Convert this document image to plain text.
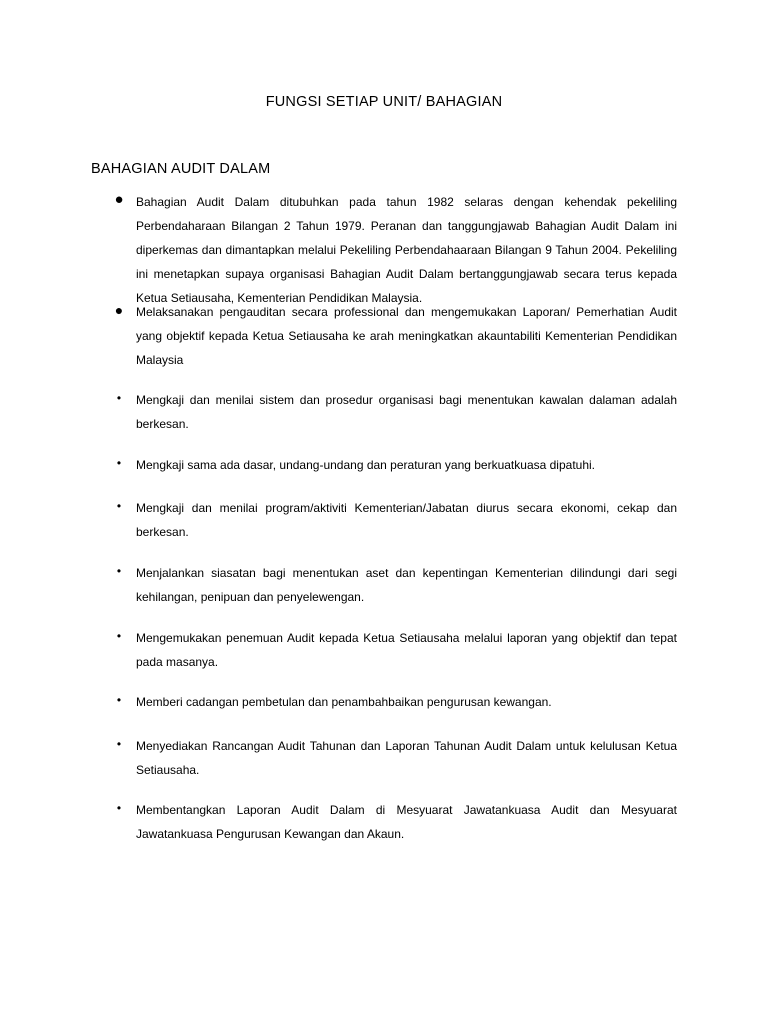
FUNGSI SETIAP UNIT/ BAHAGIAN
BAHAGIAN AUDIT DALAM
● Bahagian Audit Dalam ditubuhkan pada tahun 1982 selaras dengan kehendak pekeliling Perbendaharaan Bilangan 2 Tahun 1979. Peranan dan tanggungjawab Bahagian Audit Dalam ini diperkemas dan dimantapkan melalui Pekeliling Perbendahaaraan Bilangan 9 Tahun 2004. Pekeliling ini menetapkan supaya organisasi Bahagian Audit Dalam bertanggungjawab secara terus kepada Ketua Setiausaha, Kementerian Pendidikan Malaysia.
● Melaksanakan pengauditan secara professional dan mengemukakan Laporan/ Pemerhatian Audit yang objektif kepada Ketua Setiausaha ke arah meningkatkan akauntabiliti Kementerian Pendidikan Malaysia
•	Mengkaji dan menilai sistem dan prosedur organisasi bagi menentukan kawalan dalaman adalah berkesan.
•	Mengkaji sama ada dasar, undang-undang dan peraturan yang berkuatkuasa dipatuhi.
•	Mengkaji dan menilai program/aktiviti Kementerian/Jabatan diurus secara ekonomi, cekap dan berkesan.
•	Menjalankan siasatan bagi menentukan aset dan kepentingan Kementerian dilindungi dari segi kehilangan, penipuan dan penyelewengan.
•	Mengemukakan penemuan Audit kepada Ketua Setiausaha melalui laporan yang objektif dan tepat pada masanya.
•	Memberi cadangan pembetulan dan penambahbaikan pengurusan kewangan.
•	Menyediakan Rancangan Audit Tahunan dan Laporan Tahunan Audit Dalam untuk kelulusan Ketua Setiausaha.
•	Membentangkan Laporan Audit Dalam di Mesyuarat Jawatankuasa Audit dan Mesyuarat Jawatankuasa Pengurusan Kewangan dan Akaun.
